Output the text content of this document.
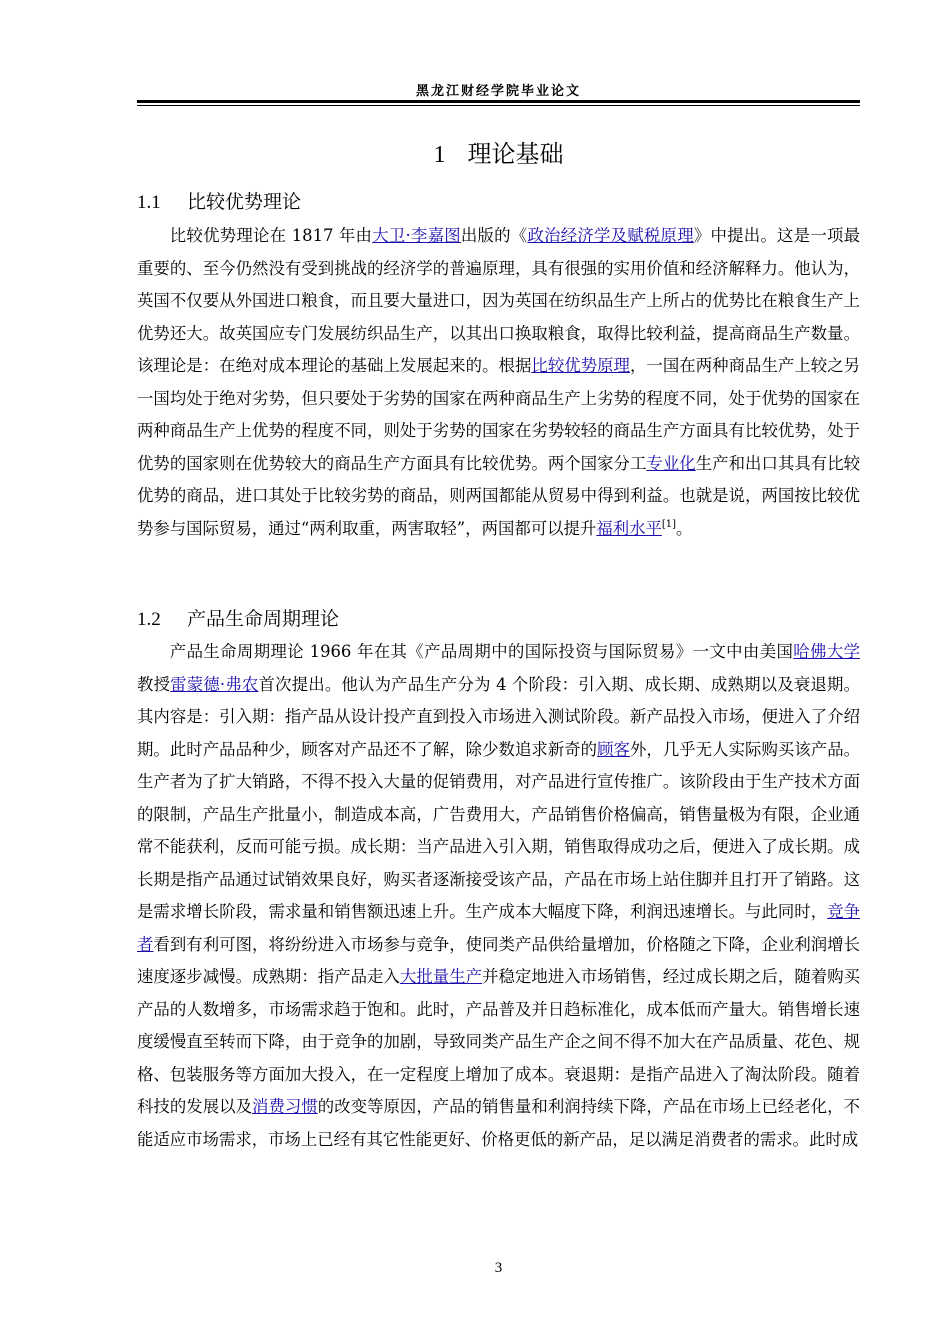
黑龙江财经学院毕业论文
1 理论基础
1.1 比较优势理论

比较优势理论在 1817 年由大卫·李嘉图出版的《政治经济学及赋税原理》中提出。这是一项最重要的、至今仍然没有受到挑战的经济学的普遍原理，具有很强的实用价值和经济解释力。他认为，英国不仅要从外国进口粮食，而且要大量进口，因为英国在纺织品生产上所占的优势比在粮食生产上优势还大。故英国应专门发展纺织品生产，以其出口换取粮食，取得比较利益，提高商品生产数量。该理论是：在绝对成本理论的基础上发展起来的。根据比较优势原理，一国在两种商品生产上较之另一国均处于绝对劣势，但只要处于劣势的国家在两种商品生产上劣势的程度不同，处于优势的国家在两种商品生产上优势的程度不同，则处于劣势的国家在劣势较轻的商品生产方面具有比较优势，处于优势的国家则在优势较大的商品生产方面具有比较优势。两个国家分工专业化生产和出口其具有比较优势的商品，进口其处于比较劣势的商品，则两国都能从贸易中得到利益。也就是说，两国按比较优势参与国际贸易，通过“两利取重，两害取轻”，两国都可以提升福利水平[1]。

1.2 产品生命周期理论

产品生命周期理论 1966 年在其《产品周期中的国际投资与国际贸易》一文中由美国哈佛大学教授雷蒙德·弗农首次提出。他认为产品生产分为 4 个阶段：引入期、成长期、成熟期以及衰退期。其内容是：引入期：指产品从设计投产直到投入市场进入测试阶段。新产品投入市场，便进入了介绍期。此时产品品种少，顾客对产品还不了解，除少数追求新奇的顾客外，几乎无人实际购买该产品。生产者为了扩大销路，不得不投入大量的促销费用，对产品进行宣传推广。该阶段由于生产技术方面的限制，产品生产批量小，制造成本高，广告费用大，产品销售价格偏高，销售量极为有限，企业通常不能获利，反而可能亏损。成长期：当产品进入引入期，销售取得成功之后，便进入了成长期。成长期是指产品通过试销效果良好，购买者逐渐接受该产品，产品在市场上站住脚并且打开了销路。这是需求增长阶段，需求量和销售额迅速上升。生产成本大幅度下降，利润迅速增长。与此同时，竞争者看到有利可图，将纷纷进入市场参与竞争，使同类产品供给量增加，价格随之下降，企业利润增长速度逐步减慢。成熟期：指产品走入大批量生产并稳定地进入市场销售，经过成长期之后，随着购买产品的人数增多，市场需求趋于饱和。此时，产品普及并日趋标准化，成本低而产量大。销售增长速度缓慢直至转而下降，由于竞争的加剧，导致同类产品生产企之间不得不加大在产品质量、花色、规格、包装服务等方面加大投入，在一定程度上增加了成本。衰退期：是指产品进入了淘汰阶段。随着科技的发展以及消费习惯的改变等原因，产品的销售量和利润持续下降，产品在市场上已经老化，不能适应市场需求，市场上已经有其它性能更好、价格更低的新产品，足以满足消费者的需求。此时成

3
